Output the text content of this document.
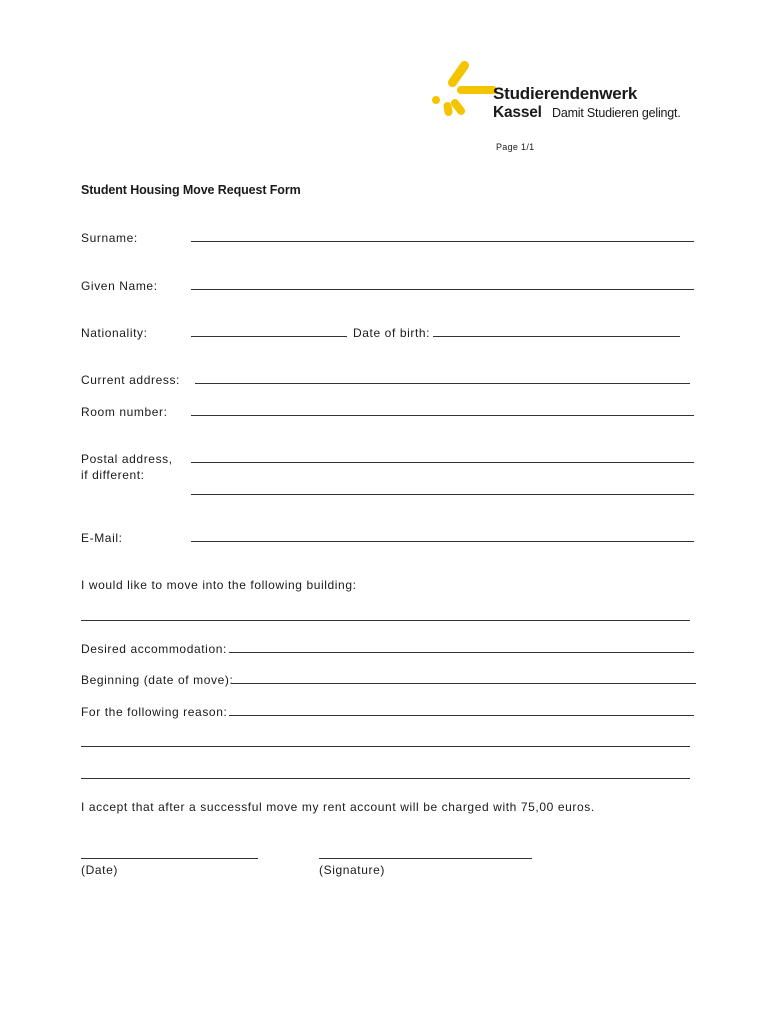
Studierendenwerk
Kassel Damit Studieren gelingt.
Page 1/1
Student Housing Move Request Form
Surname:
Given Name:
Nationality:	Date of birth:
Current address:
Room number:
Postal address,
if different:
E-Mail:
I would like to move into the following building:
Desired accommodation:
Beginning (date of move):
For the following reason:
I accept that after a successful move my rent account will be charged with 75,00 euros.
(Date)	(Signature)
